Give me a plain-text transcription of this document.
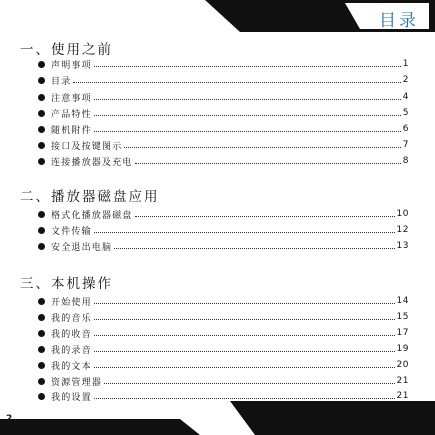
目录
2
一、使用之前
声明事项	1
目录	2
注意事项	4
产品特性	5
随机附件	6
接口及按键图示	7
连接播放器及充电	8
二、播放器磁盘应用
格式化播放器磁盘	10
文件传输	12
安全退出电脑	13
三、本机操作
开始使用	14
我的音乐	15
我的收音	17
我的录音	19
我的文本	20
资源管理器	21
我的设置	21
